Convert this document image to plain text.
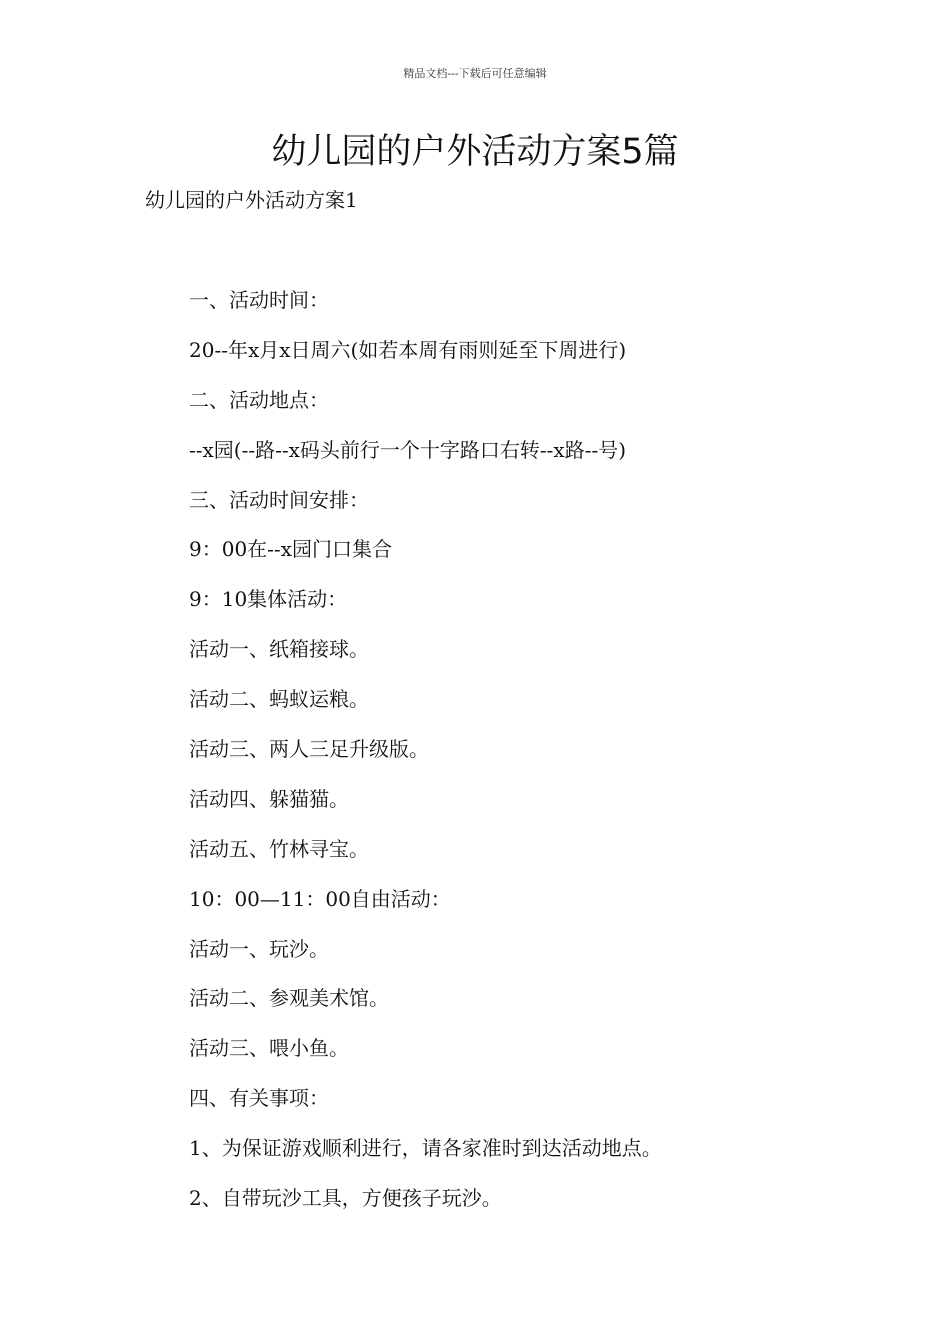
精品文档---下载后可任意编辑
幼儿园的户外活动方案5篇
幼儿园的户外活动方案1
一、活动时间：
20--年x月x日周六(如若本周有雨则延至下周进行)
二、活动地点：
--x园(--路--x码头前行一个十字路口右转--x路--号)
三、活动时间安排：
9：00在--x园门口集合
9：10集体活动：
活动一、纸箱接球。
活动二、蚂蚁运粮。
活动三、两人三足升级版。
活动四、躲猫猫。
活动五、竹林寻宝。
10：00—11：00自由活动：
活动一、玩沙。
活动二、参观美术馆。
活动三、喂小鱼。
四、有关事项：
1、为保证游戏顺利进行，请各家准时到达活动地点。
2、自带玩沙工具，方便孩子玩沙。
